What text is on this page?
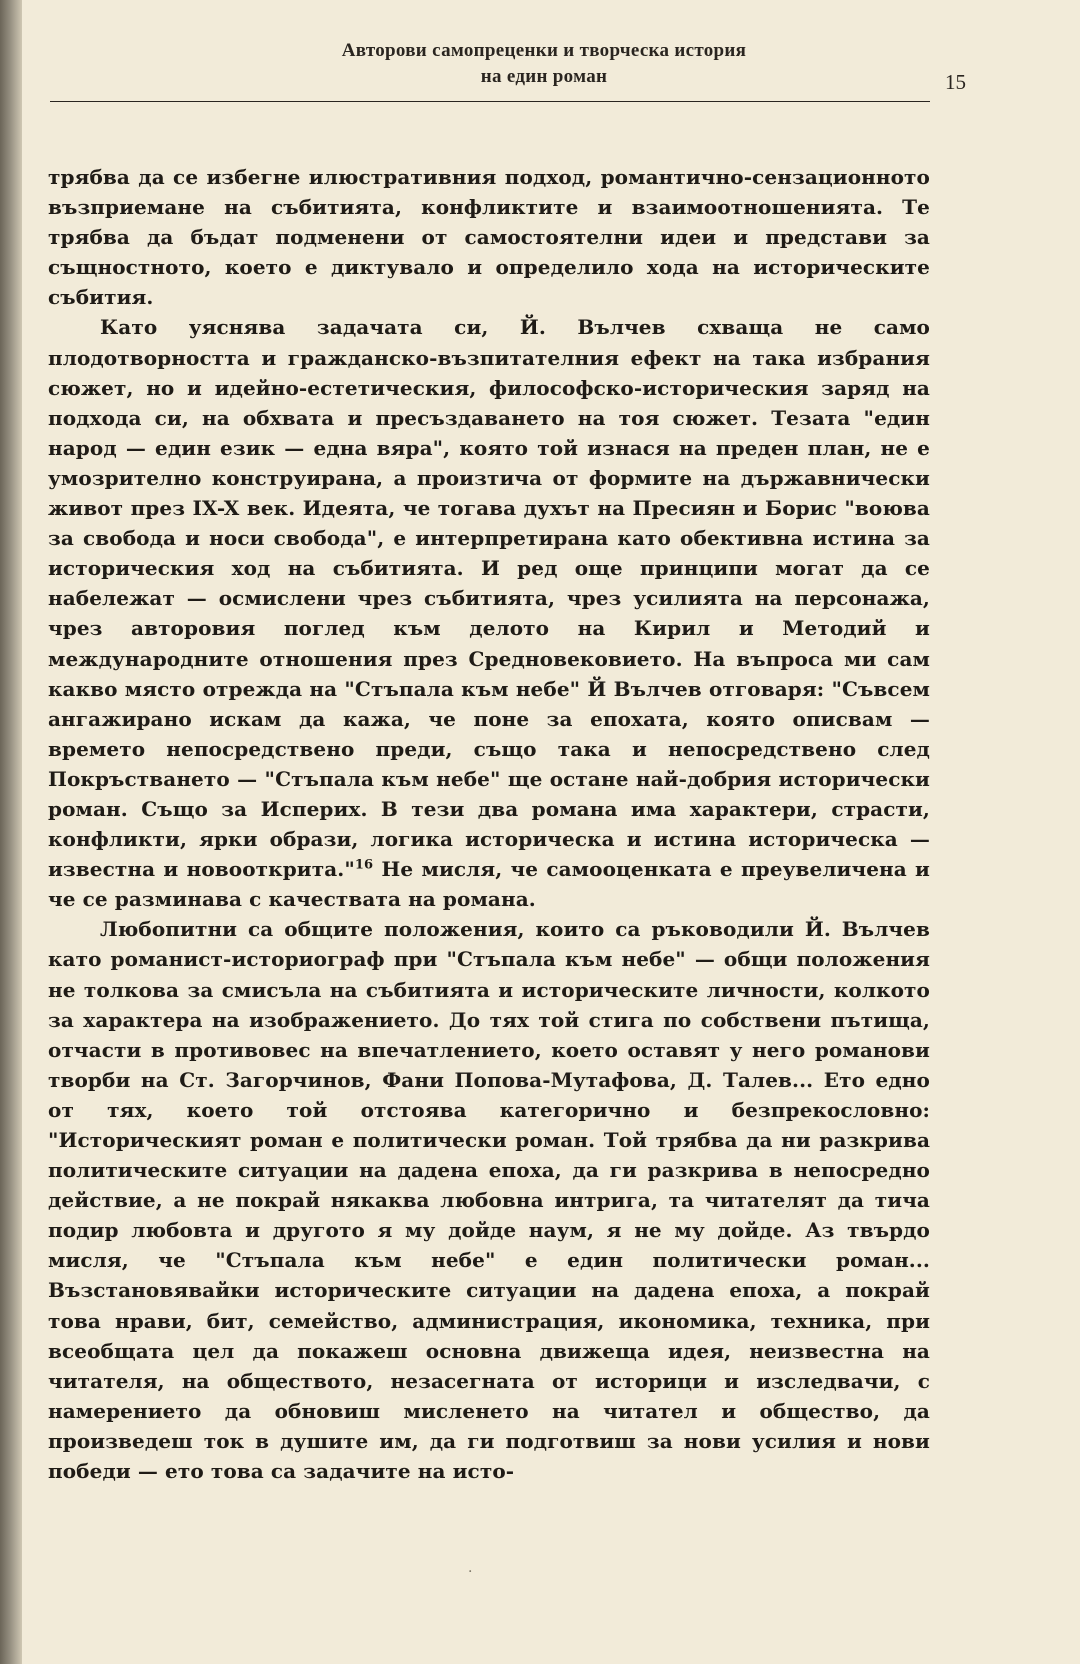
Авторови самопреценки и творческа история
на един роман	15

трябва да се избегне илюстративния подход, романтично-сензационното възприемане на събитията, конфликтите и взаимоотношенията. Те трябва да бъдат подменени от самостоятелни идеи и представи за същностното, което е диктувало и определило хода на историческите събития.

Като уяснява задачата си, Й. Вълчев схваща не само плодотворността и гражданско-възпитателния ефект на така избрания сюжет, но и идейно-естетическия, философско-историческия заряд на подхода си, на обхвата и пресъздаването на тоя сюжет. Тезата "един народ — един език — една вяра", която той изнася на преден план, не е умозрително конструирана, а произтича от формите на държавнически живот през IX-X век. Идеята, че тогава духът на Пресиян и Борис "воюва за свобода и носи свобода", е интерпретирана като обективна истина за историческия ход на събитията. И ред още принципи могат да се набележат — осмислени чрез събитията, чрез усилията на персонажа, чрез авторовия поглед към делото на Кирил и Методий и международните отношения през Средновековието. На въпроса ми сам какво място отрежда на "Стъпала към небе" Й Вълчев отговаря: "Съвсем ангажирано искам да кажа, че поне за епохата, която описвам — времето непосредствено преди, също така и непосредствено след Покръстването — "Стъпала към небе" ще остане най-добрия исторически роман. Също за Исперих. В тези два романа има характери, страсти, конфликти, ярки образи, логика историческа и истина историческа — известна и новооткрита."$^{16}$ Не мисля, че самооценката е преувеличена и че се разминава с качествата на романа.

Любопитни са общите положения, които са ръководили Й. Вълчев като романист-историограф при "Стъпала към небе" — общи положения не толкова за смисъла на събитията и историческите личности, колкото за характера на изображението. До тях той стига по собствени пътища, отчасти в противовес на впечатлението, което оставят у него романови творби на Ст. Загорчинов, Фани Попова-Мутафова, Д. Талев... Ето едно от тях, което той отстоява категорично и безпрекословно: "Историческият роман е политически роман. Той трябва да ни разкрива политическите ситуации на дадена епоха, да ги разкрива в непосредно действие, а не покрай някаква любовна интрига, та читателят да тича подир любовта и другото я му дойде наум, я не му дойде. Аз твърдо мисля, че "Стъпала към небе" е един политически роман... Възстановявайки историческите ситуации на дадена епоха, а покрай това нрави, бит, семейство, администрация, икономика, техника, при всеобщата цел да покажеш основна движеща идея, неизвестна на читателя, на обществото, незасегната от историци и изследвачи, с намерението да обновиш мисленето на читател и общество, да произведеш ток в душите им, да ги подготвиш за нови усилия и нови победи — ето това са задачите на исто-

·
